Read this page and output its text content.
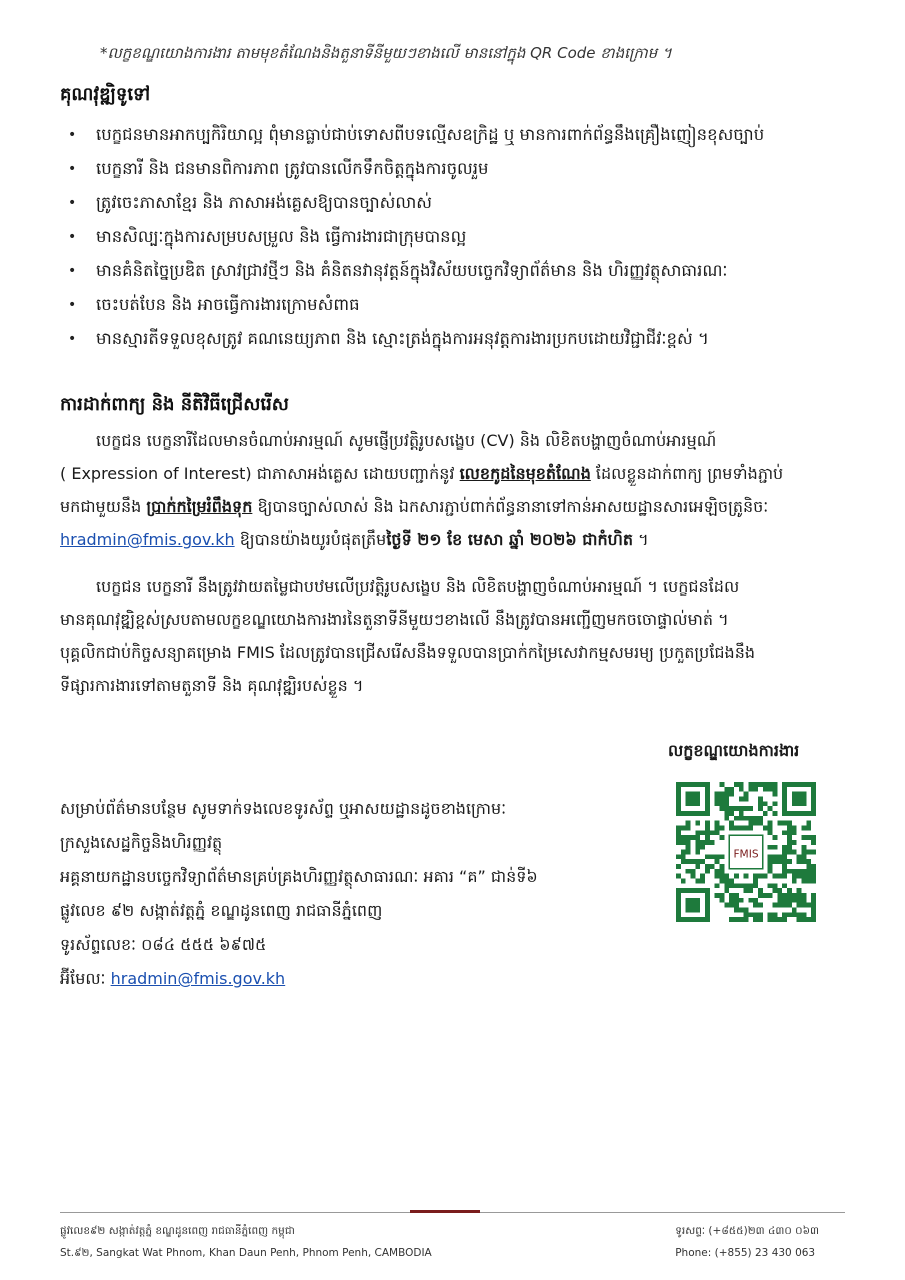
*លក្ខខណ្ឌយោងការងារ តាមមុខតំណែងនិងតួនាទីនីមួយៗខាងលើ មាននៅក្នុង QR Code ខាងក្រោម ។
គុណវុឌ្ឍិទូទៅ
• បេក្ខជនមានអាកប្បកិរិយាល្អ ពុំមានធ្លាប់ជាប់ទោសពីបទល្មើសឧក្រិដ្ឋ ឬ មានការពាក់ព័ន្ធនឹងគ្រឿងញៀនខុសច្បាប់
• បេក្ខនារី និង ជនមានពិការភាព ត្រូវបានលើកទឹកចិត្តក្នុងការចូលរួម
• ត្រូវចេះភាសាខ្មែរ និង ភាសាអង់គ្លេសឱ្យបានច្បាស់លាស់
• មានសិល្បៈក្នុងការសម្របសម្រួល និង ធ្វើការងារជាក្រុមបានល្អ
• មានគំនិតច្នៃប្រឌិត ស្រាវជ្រាវថ្មីៗ និង គំនិតនវានុវត្តន៍ក្នុងវិស័យបច្ចេកវិទ្យាព័ត៌មាន និង ហិរញ្ញវត្ថុសាធារណៈ
• ចេះបត់បែន និង អាចធ្វើការងារក្រោមសំពាធ
• មានស្មារតីទទួលខុសត្រូវ គណនេយ្យភាព និង ស្មោះត្រង់ក្នុងការអនុវត្តការងារប្រកបដោយវិជ្ជាជីវៈខ្ពស់ ។
ការដាក់ពាក្យ និង នីតិវិធីជ្រើសរើស
បេក្ខជន បេក្ខនារីដែលមានចំណាប់អារម្មណ៍ សូមផ្ញើប្រវត្តិរូបសង្ខេប (CV) និង លិខិតបង្ហាញចំណាប់អារម្មណ៍
( Expression of Interest) ជាភាសាអង់គ្លេស ដោយបញ្ជាក់នូវ លេខកូដនៃមុខតំណែង ដែលខ្លួនដាក់ពាក្យ ព្រមទាំងភ្ជាប់
មកជាមួយនឹង ប្រាក់កម្រៃរំពឹងទុក ឱ្យបានច្បាស់លាស់ និង ឯកសារភ្ជាប់ពាក់ព័ន្ធនានាទៅកាន់អាសយដ្ឋានសារអេឡិចត្រូនិចៈ
hradmin@fmis.gov.kh ឱ្យបានយ៉ាងយូរបំផុតត្រឹមថ្ងៃទី ២១ ខែ មេសា ឆ្នាំ ២០២៦ ជាកំហិត ។
បេក្ខជន បេក្ខនារី នឹងត្រូវវាយតម្លៃជាបឋមលើប្រវត្តិរូបសង្ខេប និង លិខិតបង្ហាញចំណាប់អារម្មណ៍ ។ បេក្ខជនដែល
មានគុណវុឌ្ឍិខ្ពស់ស្របតាមលក្ខខណ្ឌយោងការងារនៃតួនាទីនីមួយៗខាងលើ នឹងត្រូវបានអញ្ជើញមកចចោផ្ទាល់មាត់ ។
បុគ្គលិកជាប់កិច្ចសន្យាគម្រោង FMIS ដែលត្រូវបានជ្រើសរើសនឹងទទួលបានប្រាក់កម្រៃសេវាកម្មសមរម្យ ប្រកួតប្រជែងនឹង
ទីផ្សារការងារទៅតាមតួនាទី និង គុណវុឌ្ឍិរបស់ខ្លួន ។
លក្ខខណ្ឌយោងការងារ
FMIS
សម្រាប់ព័ត៌មានបន្ថែម សូមទាក់ទងលេខទូរស័ព្ទ ឬអាសយដ្ឋានដូចខាងក្រោមៈ
ក្រសួងសេដ្ឋកិច្ចនិងហិរញ្ញវត្ថុ
អគ្គនាយកដ្ឋានបច្ចេកវិទ្យាព័ត៌មានគ្រប់គ្រងហិរញ្ញវត្ថុសាធារណៈ អគារ “គ” ជាន់ទី៦
ផ្លូវលេខ ៩២ សង្កាត់វត្តភ្នំ ខណ្ឌដូនពេញ រាជធានីភ្នំពេញ
ទូរស័ព្ទលេខៈ ០៨៤ ៥៥៥ ៦៩៧៥
អ៊ីមែលៈ hradmin@fmis.gov.kh
ផ្លូវលេខ៩២ សង្កាត់វត្តភ្នំ ខណ្ឌដូនពេញ រាជធានីភ្នំពេញ កម្ពុជា
St.៩២, Sangkat Wat Phnom, Khan Daun Penh, Phnom Penh, CAMBODIA
ទូរសព្ទៈ (+៨៥៥)២៣ ៤៣០ ០៦៣
Phone: (+855) 23 430 063
